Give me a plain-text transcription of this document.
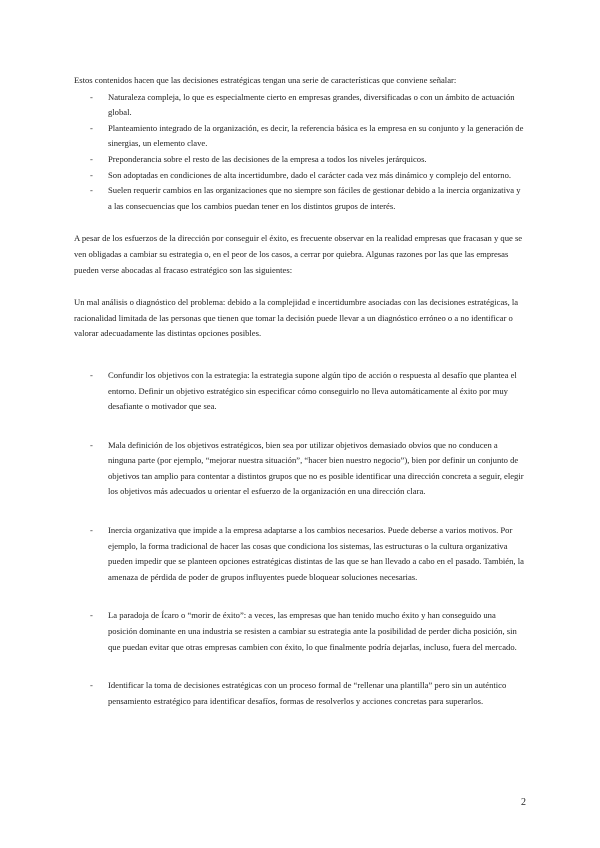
Estos contenidos hacen que las decisiones estratégicas tengan una serie de características que conviene señalar:

- Naturaleza compleja, lo que es especialmente cierto en empresas grandes, diversificadas o con un ámbito de actuación global.
- Planteamiento integrado de la organización, es decir, la referencia básica es la empresa en su conjunto y la generación de sinergias, un elemento clave.
- Preponderancia sobre el resto de las decisiones de la empresa a todos los niveles jerárquicos.
- Son adoptadas en condiciones de alta incertidumbre, dado el carácter cada vez más dinámico y complejo del entorno.
- Suelen requerir cambios en las organizaciones que no siempre son fáciles de gestionar debido a la inercia organizativa y a las consecuencias que los cambios puedan tener en los distintos grupos de interés.

A pesar de los esfuerzos de la dirección por conseguir el éxito, es frecuente observar en la realidad empresas que fracasan y que se ven obligadas a cambiar su estrategia o, en el peor de los casos, a cerrar por quiebra. Algunas razones por las que las empresas pueden verse abocadas al fracaso estratégico son las siguientes:

Un mal análisis o diagnóstico del problema: debido a la complejidad e incertidumbre asociadas con las decisiones estratégicas, la racionalidad limitada de las personas que tienen que tomar la decisión puede llevar a un diagnóstico erróneo o a no identificar o valorar adecuadamente las distintas opciones posibles.

- Confundir los objetivos con la estrategia: la estrategia supone algún tipo de acción o respuesta al desafío que plantea el entorno. Definir un objetivo estratégico sin especificar cómo conseguirlo no lleva automáticamente al éxito por muy desafiante o motivador que sea.
- Mala definición de los objetivos estratégicos, bien sea por utilizar objetivos demasiado obvios que no conducen a ninguna parte (por ejemplo, “mejorar nuestra situación”, “hacer bien nuestro negocio”), bien por definir un conjunto de objetivos tan amplio para contentar a distintos grupos que no es posible identificar una dirección concreta a seguir, elegir los objetivos más adecuados u orientar el esfuerzo de la organización en una dirección clara.
- Inercia organizativa que impide a la empresa adaptarse a los cambios necesarios. Puede deberse a varios motivos. Por ejemplo, la forma tradicional de hacer las cosas que condiciona los sistemas, las estructuras o la cultura organizativa pueden impedir que se planteen opciones estratégicas distintas de las que se han llevado a cabo en el pasado. También, la amenaza de pérdida de poder de grupos influyentes puede bloquear soluciones necesarias.
- La paradoja de Ícaro o “morir de éxito”: a veces, las empresas que han tenido mucho éxito y han conseguido una posición dominante en una industria se resisten a cambiar su estrategia ante la posibilidad de perder dicha posición, sin que puedan evitar que otras empresas cambien con éxito, lo que finalmente podría dejarlas, incluso, fuera del mercado.
- Identificar la toma de decisiones estratégicas con un proceso formal de “rellenar una plantilla” pero sin un auténtico pensamiento estratégico para identificar desafíos, formas de resolverlos y acciones concretas para superarlos.
2
